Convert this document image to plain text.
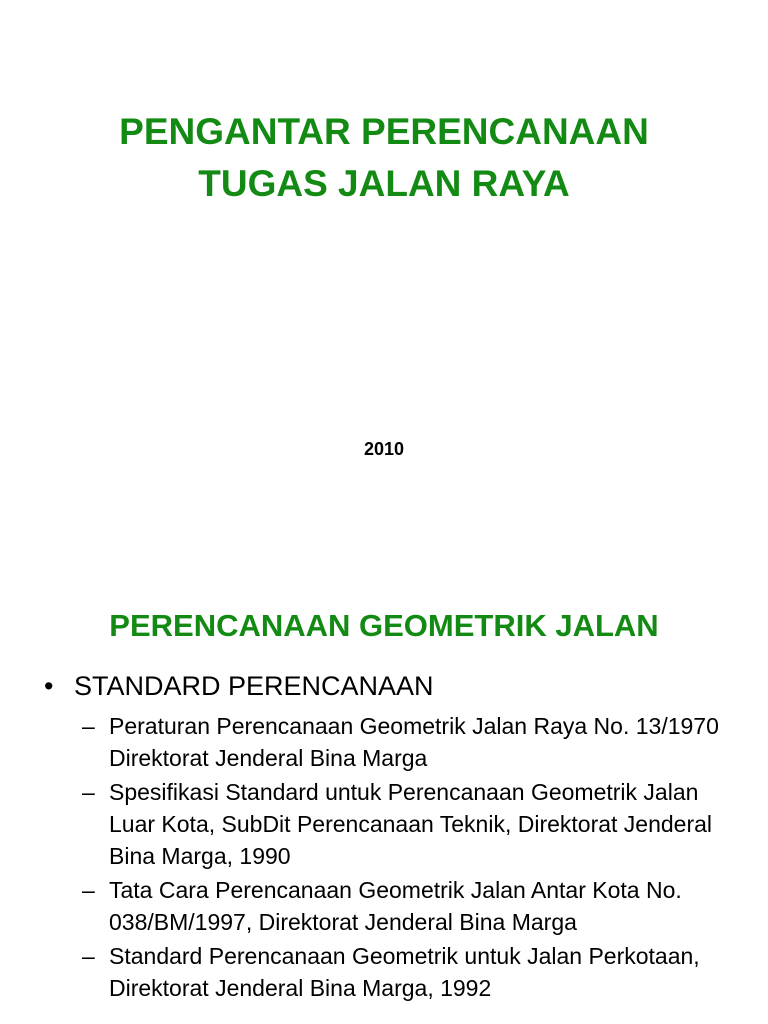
PENGANTAR PERENCANAAN
TUGAS JALAN RAYA
2010
PERENCANAAN GEOMETRIK JALAN
• STANDARD PERENCANAAN
– Peraturan Perencanaan Geometrik Jalan Raya No. 13/1970 Direktorat Jenderal Bina Marga
– Spesifikasi Standard untuk Perencanaan Geometrik Jalan Luar Kota, SubDit Perencanaan Teknik, Direktorat Jenderal Bina Marga, 1990
– Tata Cara Perencanaan Geometrik Jalan Antar Kota No. 038/BM/1997, Direktorat Jenderal Bina Marga
– Standard Perencanaan Geometrik untuk Jalan Perkotaan, Direktorat Jenderal Bina Marga, 1992
